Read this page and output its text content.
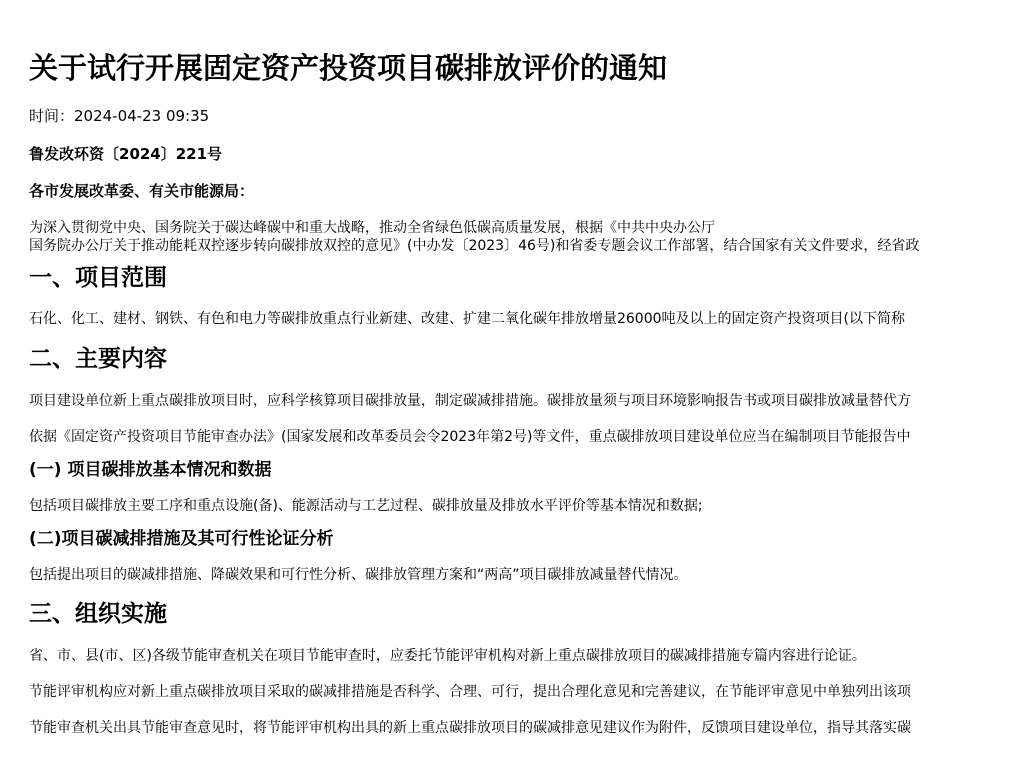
关于试行开展固定资产投资项目碳排放评价的通知

时间：2024-04-23 09:35

鲁发改环资〔2024〕221号

各市发展改革委、有关市能源局：

为深入贯彻党中央、国务院关于碳达峰碳中和重大战略，推动全省绿色低碳高质量发展，根据《中共中央办公厅

国务院办公厅关于推动能耗双控逐步转向碳排放双控的意见》(中办发〔2023〕46号)和省委专题会议工作部署，结合国家有关文件要求，经省政

一、项目范围

石化、化工、建材、钢铁、有色和电力等碳排放重点行业新建、改建、扩建二氧化碳年排放增量26000吨及以上的固定资产投资项目(以下简称

二、主要内容

项目建设单位新上重点碳排放项目时，应科学核算项目碳排放量，制定碳减排措施。碳排放量须与项目环境影响报告书或项目碳排放减量替代方

依据《固定资产投资项目节能审查办法》(国家发展和改革委员会令2023年第2号)等文件，重点碳排放项目建设单位应当在编制项目节能报告中

(一) 项目碳排放基本情况和数据

包括项目碳排放主要工序和重点设施(备)、能源活动与工艺过程、碳排放量及排放水平评价等基本情况和数据;

(二)项目碳减排措施及其可行性论证分析

包括提出项目的碳减排措施、降碳效果和可行性分析、碳排放管理方案和“两高”项目碳排放减量替代情况。

三、组织实施

省、市、县(市、区)各级节能审查机关在项目节能审查时，应委托节能评审机构对新上重点碳排放项目的碳减排措施专篇内容进行论证。

节能评审机构应对新上重点碳排放项目采取的碳减排措施是否科学、合理、可行，提出合理化意见和完善建议，在节能评审意见中单独列出该项

节能审查机关出具节能审查意见时，将节能评审机构出具的新上重点碳排放项目的碳减排意见建议作为附件，反馈项目建设单位，指导其落实碳
